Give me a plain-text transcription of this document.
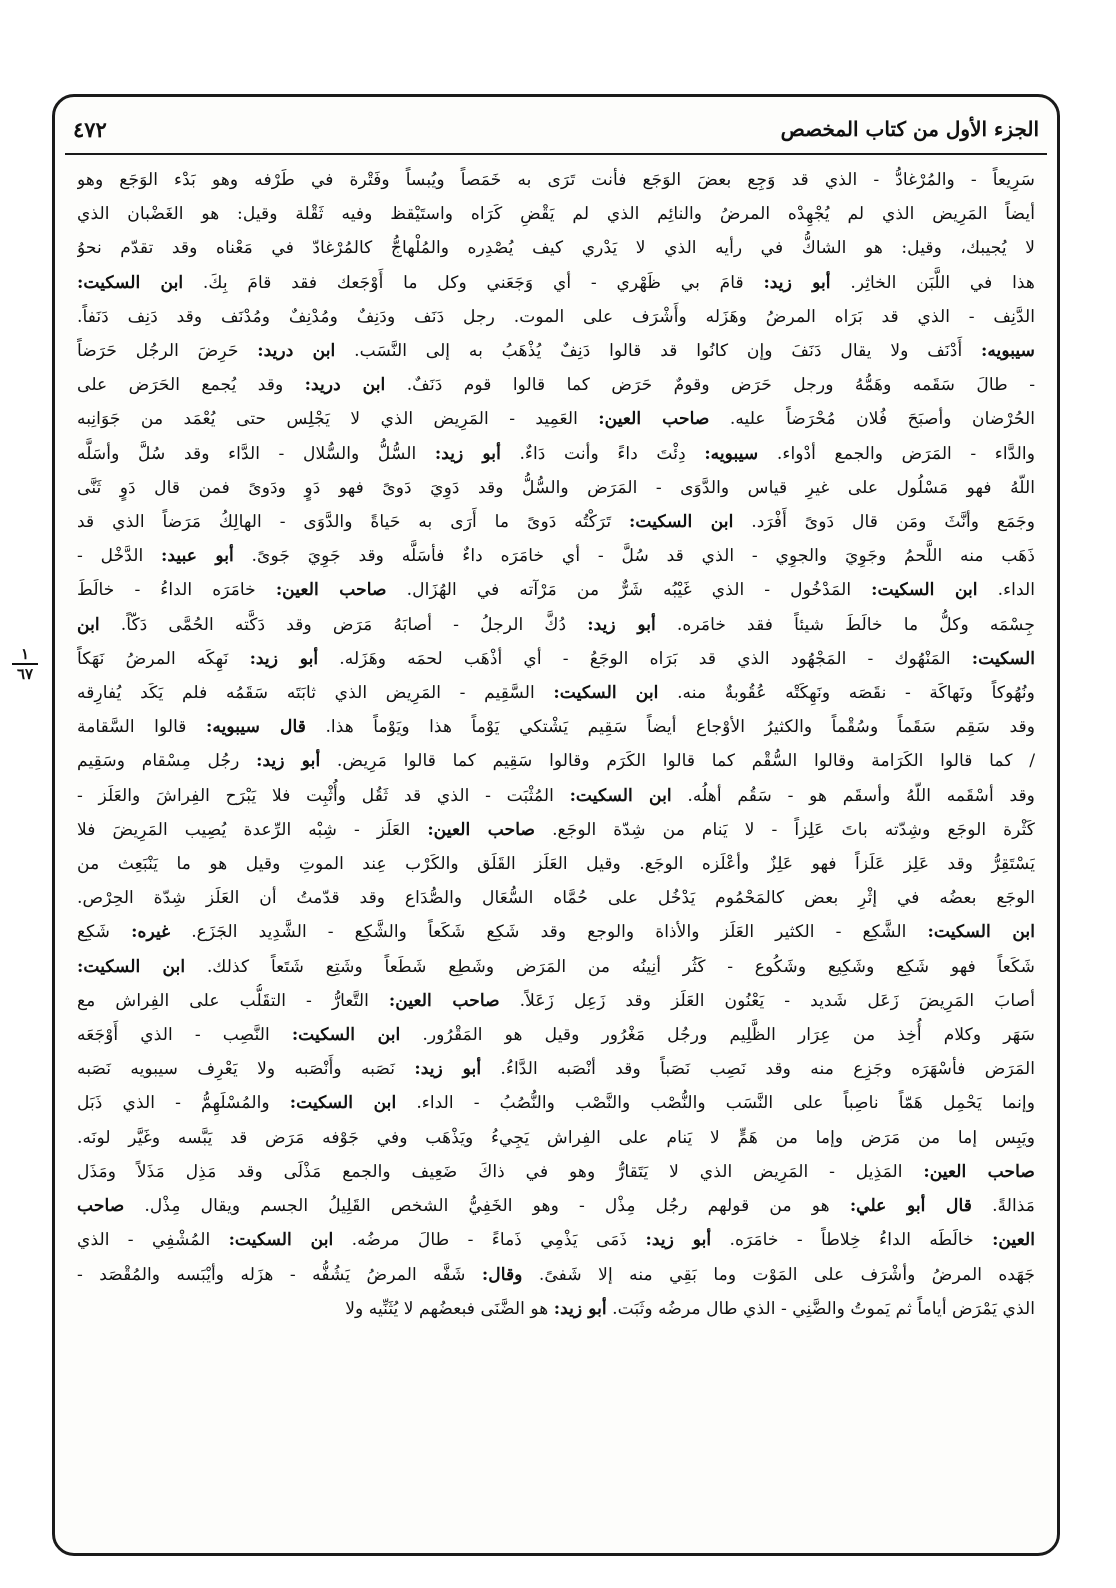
الجزء الأول من كتاب المخصص
٤٧٢

سَرِيعاً - والمُرْغادُّ - الذي قد وَجِع بعضَ الوَجَع فأنت تَرَى به خَمَصاً ويُبساً وفَتْرة في طَرْفه وهو بَدْء الوَجَع وهو

أيضاً المَرِيض الذي لم يُجْهِدْه المرضُ والنائِم الذي لم يَقْضِ كَرَاه واستَيْقظ وفيه ثَقْلة وقيل: هو الغَضْبان الذي

لا يُجيبك، وقيل: هو الشاكُّ في رأيه الذي لا يَدْري كيف يُصْدِره والمُلْهاجُّ كالمُرْغادّ في مَعْناه وقد تقدّم نحوُ

هذا في اللَّبَن الخاثِر. أبو زيد: قامَ بي ظَهْري - أي وَجَعَني وكل ما أَوْجَعك فقد قامَ بِكَ. ابن السكيت:

الدَّنِف - الذي قد بَرَاه المرضُ وهَزَله وأَشْرَف على الموت. رجل دَنَف ودَنِفٌ ومُدْنِفٌ ومُدْنَف وقد دَنِف دَنَفاً.

سيبويه: أَدْنَف ولا يقال دَنَفَ وإن كانُوا قد قالوا دَنِفٌ يُذْهَبُ به إلى النَّسَب. ابن دريد: حَرِضَ الرجُل حَرَضاً

- طالَ سَقَمه وهَمُّهُ ورجل حَرَض وقومٌ حَرَض كما قالوا قوم دَنَفٌ. ابن دريد: وقد يُجمع الحَرَض على

الحُرْضان وأصبَحَ فُلان مُحْرَضاً عليه. صاحب العين: العَمِيد - المَرِيض الذي لا يَجْلِس حتى يُعْمَد من جَوَانِبه

والدَّاء - المَرَض والجمع أدْواء. سيبويه: دِئْتَ داءً وأنت دَاءٌ. أبو زيد: السُّلُّ والسُّلال - الدَّاء وقد سُلَّ وأسَلَّه

اللّهُ فهو مَسْلُول على غيرِ قياس والدَّوَى - المَرَض والسُّلُّ وقد دَوِيَ دَوىً فهو دَوٍ ودَوىً فمن قال دَوٍ ثَنَّى

وجَمَع وأنَّثَ ومَن قال دَوىً أَفْرَد. ابن السكيت: تَرَكْتُه دَوىً ما أَرَى به حَياةً والدَّوَى - الهالِكُ مَرَضاً الذي قد

ذَهَب منه اللَّحمُ وجَوِيَ والجوِي - الذي قد سُلَّ - أي خامَرَه داءٌ فأسَلَّه وقد جَوِيَ جَوىً. أبو عبيد: الدَّخْل -

الداء. ابن السكيت: المَدْخُول - الذي غَيْبُه شَرٌّ من مَرْآته في الهُزَال. صاحب العين: خامَرَه الداءُ - خالَطَ

جِسْمَه وكلُّ ما خالَطَ شيئاً فقد خامَره. أبو زيد: دُكَّ الرجلُ - أصابَهُ مَرَض وقد دَكَّته الحُمَّى دَكّاً. ابن

السكيت: المَنْهُوك - المَجْهُود الذي قد بَرَاه الوجَعُ - أي أذْهَب لحمَه وهَزَله. أبو زيد: نَهِكَه المرضُ نَهَكاً

ونُهُوكاً ونَهاكَة - نقَصَه ونَهِكَتْه عُقُوبةٌ منه. ابن السكيت: السَّقِيم - المَرِيض الذي ثابَتَه سَقَمُه فلم يَكَد يُفارِقه

وقد سَقِم سَقَماً وسُقْماً والكثيرُ الأوْجاع أيضاً سَقِيم يَشْتكي يَوْماً هذا ويَوْماً هذا. قال سيبويه: قالوا السَّقامة

/ كما قالوا الكَرَامة وقالوا السُّقْم كما قالوا الكَرَم وقالوا سَقِيم كما قالوا مَرِيض. أبو زيد: رجُل مِسْقام وسَقِيم

وقد أسْقَمه اللّهُ وأسقَم هو - سَقُم أهلُه. ابن السكيت: المُثْبَت - الذي قد ثَقُل وأُثْبِت فلا يَبْرَح الفِراشَ والعَلَز -

كَثْرة الوجَع وشِدّته باتَ عَلِزاً - لا يَنام من شِدّة الوجَع. صاحب العين: العَلَز - شِبْه الرِّعدة يُصِيب المَرِيضَ فلا

يَسْتَقِرُّ وقد عَلِز عَلَزاً فهو عَلِزٌ وأعْلَزه الوجَع. وقيل العَلَز القَلَق والكَرْب عِند الموتِ وقيل هو ما يَنْبَعِث من

الوجَع بعضُه في إثْرِ بعض كالمَحْمُوم يَدْخُل على حُمَّاه السُّعَال والصُّدَاع وقد قدّمتُ أن العَلَز شِدّة الحِرْص.

ابن السكيت: الشَّكِع - الكثير العَلَز والأذاة والوجع وقد شَكِع شَكَعاً والشَّكِع - الشَّدِيد الجَزَع. غيره: شَكِع

شَكَعاً فهو شَكِع وشَكِيع وشَكُوع - كَثُر أنِينُه من المَرَض وشَطِع شَطَعاً وشَتِع شَتَعاً كذلك. ابن السكيت:

أصابَ المَرِيضَ زَعَل شَديد - يَعْنُون العَلَز وقد زَعِل زَعَلاً. صاحب العين: التَّعارُّ - التقَلُّب على الفِراش مع

سَهَر وكلام أُخِذ من عِرَار الظَّلِيم ورجُل مَغْرُور وقيل هو المَقْرُور. ابن السكيت: النَّصِب - الذي أَوْجَعَه

المَرَض فأسْهَرَه وجَزِع منه وقد نَصِب نَصَباً وقد أنْصَبه الدَّاءُ. أبو زيد: نَصَبه وأَنْصَبه ولا يَعْرِف سيبويه نَصَبه

وإنما يَحْمِل هَمّاً ناصِباً على النَّسَب والنُّصْب والنَّصْب والنُّصُبُ - الداء. ابن السكيت: والمُسْلَهِمُّ - الذي ذَبَل

ويَبِس إما من مَرَض وإما من هَمٍّ لا يَنام على الفِراش يَجِيءُ ويَذْهَب وفي جَوْفه مَرَض قد يَبَّسه وغَيَّر لونَه.

صاحب العين: المَذِيل - المَرِيض الذي لا يَتَقارُّ وهو في ذاكَ ضَعِيف والجمع مَذْلَى وقد مَذِل مَذَلاً ومَذَل

مَذالةً. قال أبو علي: هو من قولهم رجُل مِذْل - وهو الخَفِيُّ الشخص القَلِيلُ الجسم ويقال مِذْل. صاحب

العين: خالَطَه الداءُ خِلاطاً - خامَرَه. أبو زيد: ذَمَى يَذْمِي ذَماءً - طالَ مرضُه. ابن السكيت: المُشْفِي - الذي

جَهَده المرضُ وأشْرَف على المَوْت وما بَقِي منه إلا شَفىً. وقال: شَفَّه المرضُ يَشُفُّه - هزَله وأيْبَسه والمُقْصَد -

الذي يَمْرَض أياماً ثم يَموتُ والضَّنِي - الذي طال مرضُه وثَبَت. أبو زيد: هو الضَّنَى فبعضُهم لا يُثَنِّيه ولا

١
٦٧
